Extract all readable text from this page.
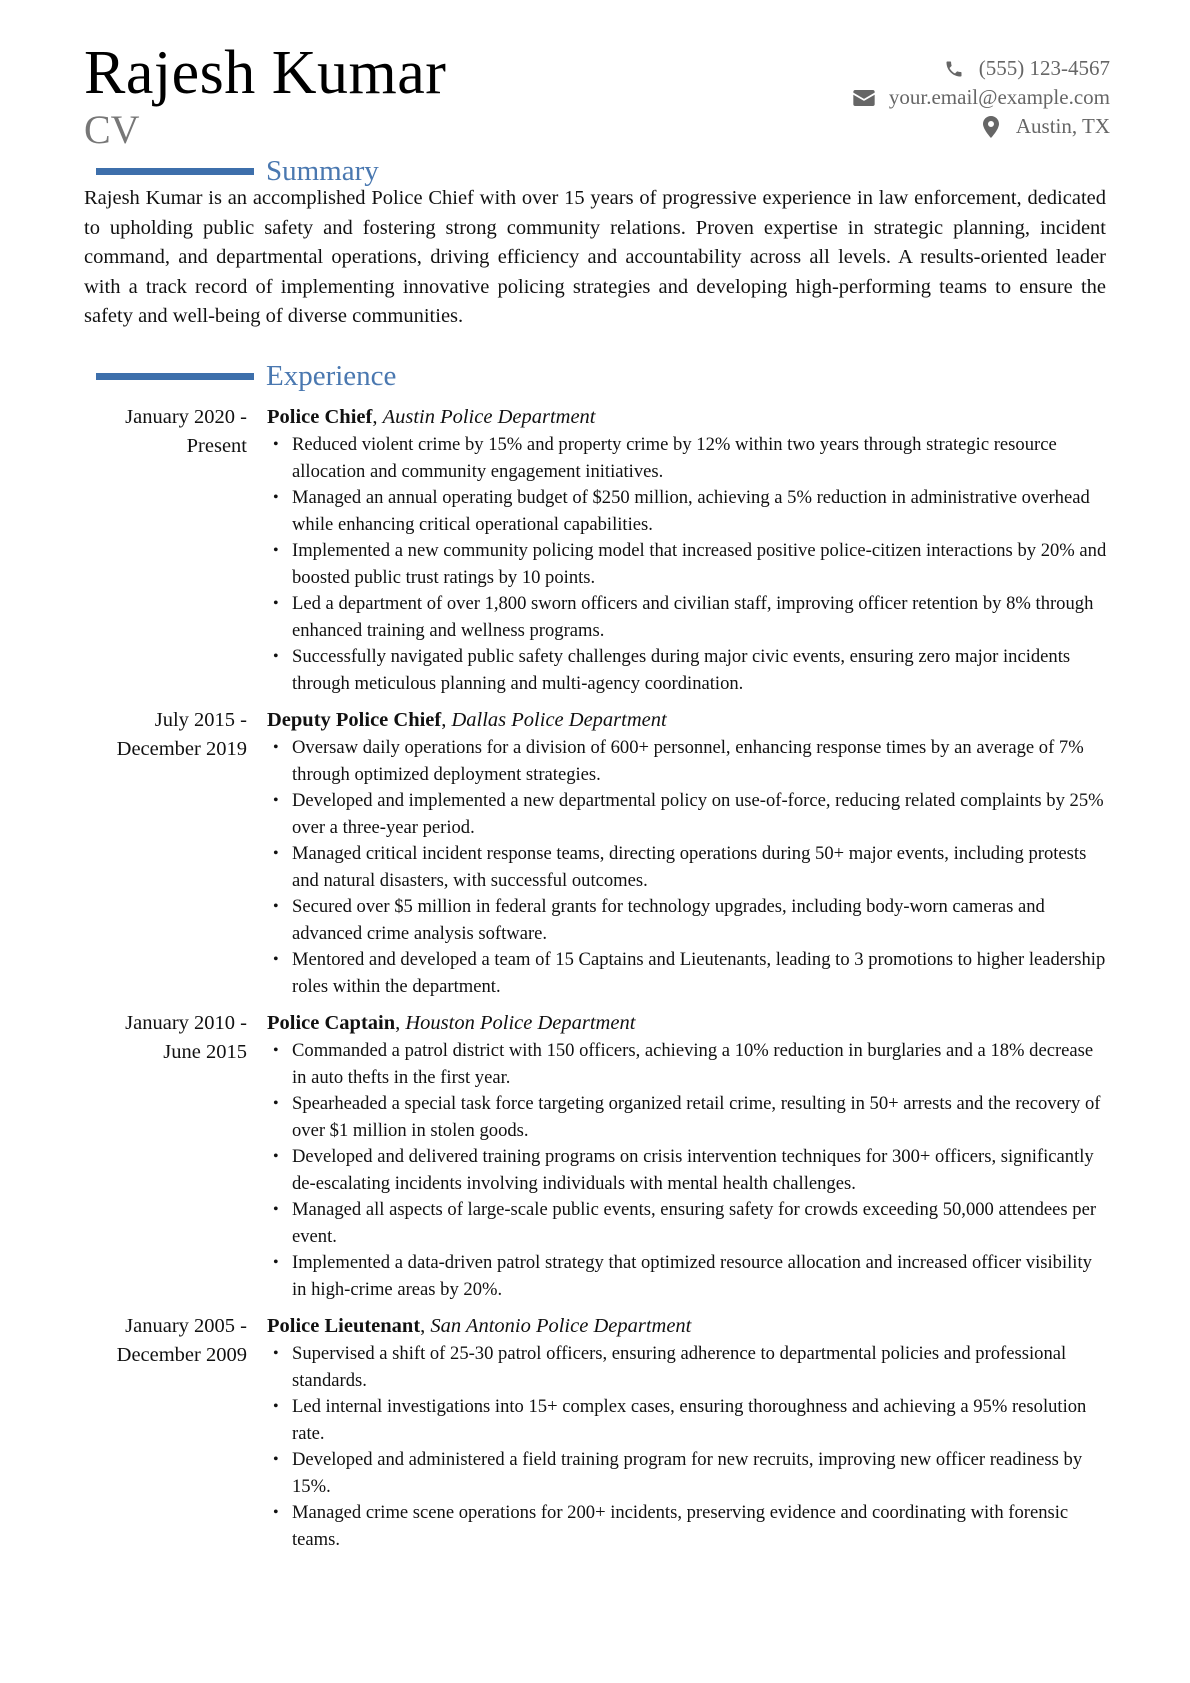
Rajesh Kumar
CV
(555) 123-4567
your.email@example.com
Austin, TX
Summary
Rajesh Kumar is an accomplished Police Chief with over 15 years of progressive experience in law enforcement, dedicated to upholding public safety and fostering strong community relations. Proven expertise in strategic planning, incident command, and departmental operations, driving efficiency and accountability across all levels. A results-oriented leader with a track record of implementing innovative policing strategies and developing high-performing teams to ensure the safety and well-being of diverse communities.
Experience
January 2020 - Present
Police Chief, Austin Police Department
• Reduced violent crime by 15% and property crime by 12% within two years through strategic resource allocation and community engagement initiatives.
• Managed an annual operating budget of $250 million, achieving a 5% reduction in administrative overhead while enhancing critical operational capabilities.
• Implemented a new community policing model that increased positive police-citizen interactions by 20% and boosted public trust ratings by 10 points.
• Led a department of over 1,800 sworn officers and civilian staff, improving officer retention by 8% through enhanced training and wellness programs.
• Successfully navigated public safety challenges during major civic events, ensuring zero major incidents through meticulous planning and multi-agency coordination.
July 2015 - December 2019
Deputy Police Chief, Dallas Police Department
• Oversaw daily operations for a division of 600+ personnel, enhancing response times by an average of 7% through optimized deployment strategies.
• Developed and implemented a new departmental policy on use-of-force, reducing related complaints by 25% over a three-year period.
• Managed critical incident response teams, directing operations during 50+ major events, including protests and natural disasters, with successful outcomes.
• Secured over $5 million in federal grants for technology upgrades, including body-worn cameras and advanced crime analysis software.
• Mentored and developed a team of 15 Captains and Lieutenants, leading to 3 promotions to higher leadership roles within the department.
January 2010 - June 2015
Police Captain, Houston Police Department
• Commanded a patrol district with 150 officers, achieving a 10% reduction in burglaries and a 18% decrease in auto thefts in the first year.
• Spearheaded a special task force targeting organized retail crime, resulting in 50+ arrests and the recovery of over $1 million in stolen goods.
• Developed and delivered training programs on crisis intervention techniques for 300+ officers, significantly de-escalating incidents involving individuals with mental health challenges.
• Managed all aspects of large-scale public events, ensuring safety for crowds exceeding 50,000 attendees per event.
• Implemented a data-driven patrol strategy that optimized resource allocation and increased officer visibility in high-crime areas by 20%.
January 2005 - December 2009
Police Lieutenant, San Antonio Police Department
• Supervised a shift of 25-30 patrol officers, ensuring adherence to departmental policies and professional standards.
• Led internal investigations into 15+ complex cases, ensuring thoroughness and achieving a 95% resolution rate.
• Developed and administered a field training program for new recruits, improving new officer readiness by 15%.
• Managed crime scene operations for 200+ incidents, preserving evidence and coordinating with forensic teams.
